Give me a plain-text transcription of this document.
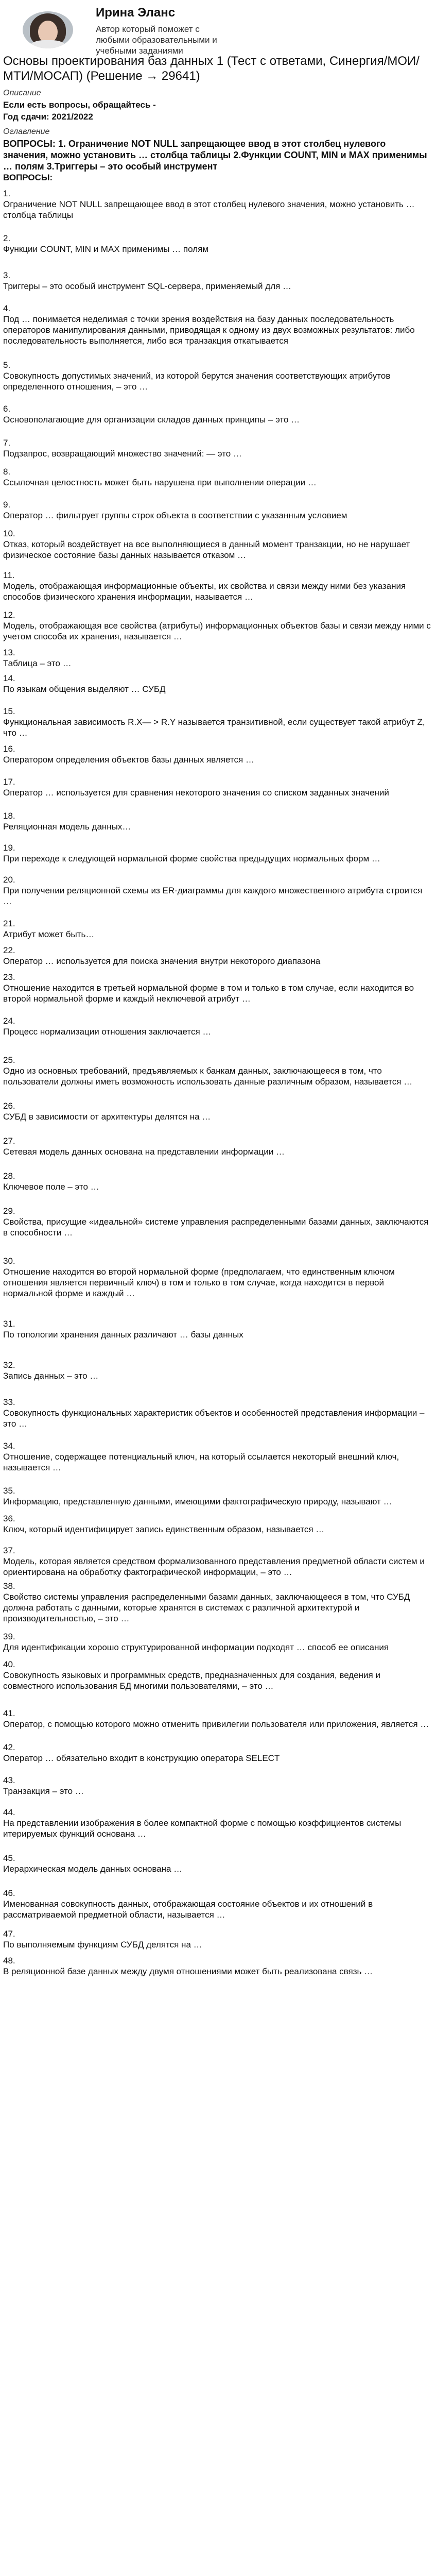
Ирина Эланс
Автор который поможет с любыми образовательными и учебными заданиями
Основы проектирования баз данных 1 (Тест с ответами, Синергия/МОИ/МТИ/МОСАП) (Решение → 29641)
Описание
Если есть вопросы, обращайтесь -
Год сдачи: 2021/2022
Оглавление
ВОПРОСЫ: 1. Ограничение NOT NULL запрещающее ввод в этот столбец нулевого значения, можно установить … столбца таблицы 2.Функции COUNT, MIN и MAX применимы … полям 3.Триггеры – это особый инструмент
ВОПРОСЫ:
1.
Ограничение NOT NULL запрещающее ввод в этот столбец нулевого значения, можно установить … столбца таблицы
2.
Функции COUNT, MIN и MAX применимы … полям
3.
Триггеры – это особый инструмент SQL-сервера, применяемый для …
4.
Под … понимается неделимая с точки зрения воздействия на базу данных последовательность операторов манипулирования данными, приводящая к одному из двух возможных результатов: либо последовательность выполняется, либо вся транзакция откатывается
5.
Совокупность допустимых значений, из которой берутся значения соответствующих атрибутов определенного отношения, – это …
6.
Основополагающие для организации складов данных принципы – это …
7.
Подзапрос, возвращающий множество значений: — это …
8.
Ссылочная целостность может быть нарушена при выполнении операции …
9.
Оператор … фильтрует группы строк объекта в соответствии с указанным условием
10.
Отказ, который воздействует на все выполняющиеся в данный момент транзакции, но не нарушает физическое состояние базы данных называется отказом …
11.
Модель, отображающая информационные объекты, их свойства и связи между ними без указания способов физического хранения информации, называется …
12.
Модель, отображающая все свойства (атрибуты) информационных объектов базы и связи между ними с учетом способа их хранения, называется …
13.
Таблица – это …
14.
По языкам общения выделяют … СУБД
15.
Функциональная зависимость R.X— > R.Y называется транзитивной, если существует такой атрибут Z, что …
16.
Оператором определения объектов базы данных является …
17.
Оператор … используется для сравнения некоторого значения со списком заданных значений
18.
Реляционная модель данных…
19.
При переходе к следующей нормальной форме свойства предыдущих нормальных форм …
20.
При получении реляционной схемы из ER-диаграммы для каждого множественного атрибута строится …
21.
Атрибут может быть…
22.
Оператор … используется для поиска значения внутри некоторого диапазона
23.
Отношение находится в третьей нормальной форме в том и только в том случае, если находится во второй нормальной форме и каждый неключевой атрибут …
24.
Процесс нормализации отношения заключается …
25.
Одно из основных требований, предъявляемых к банкам данных, заключающееся в том, что пользователи должны иметь возможность использовать данные различным образом, называется …
26.
СУБД в зависимости от архитектуры делятся на …
27.
Сетевая модель данных основана на представлении информации …
28.
Ключевое поле – это …
29.
Свойства, присущие «идеальной» системе управления распределенными базами данных, заключаются в способности …
30.
Отношение находится во второй нормальной форме (предполагаем, что единственным ключом отношения является первичный ключ) в том и только в том случае, когда находится в первой нормальной форме и каждый …
31.
По топологии хранения данных различают … базы данных
32.
Запись данных – это …
33.
Совокупность функциональных характеристик объектов и особенностей представления информации – это …
34.
Отношение, содержащее потенциальный ключ, на который ссылается некоторый внешний ключ, называется …
35.
Информацию, представленную данными, имеющими фактографическую природу, называют …
36.
Ключ, который идентифицирует запись единственным образом, называется …
37.
Модель, которая является средством формализованного представления предметной области систем и ориентирована на обработку фактографической информации, – это …
38.
Свойство системы управления распределенными базами данных, заключающееся в том, что СУБД должна работать с данными, которые хранятся в системах с различной архитектурой и производительностью, – это …
39.
Для идентификации хорошо структурированной информации подходят … способ ее описания
40.
Совокупность языковых и программных средств, предназначенных для создания, ведения и совместного использования БД многими пользователями, – это …
41.
Оператор, с помощью которого можно отменить привилегии пользователя или приложения, является …
42.
Оператор … обязательно входит в конструкцию оператора SELECT
43.
Транзакция – это …
44.
На представлении изображения в более компактной форме с помощью коэффициентов системы итерируемых функций основана …
45.
Иерархическая модель данных основана …
46.
Именованная совокупность данных, отображающая состояние объектов и их отношений в рассматриваемой предметной области, называется …
47.
По выполняемым функциям СУБД делятся на …
48.
В реляционной базе данных между двумя отношениями может быть реализована связь …
